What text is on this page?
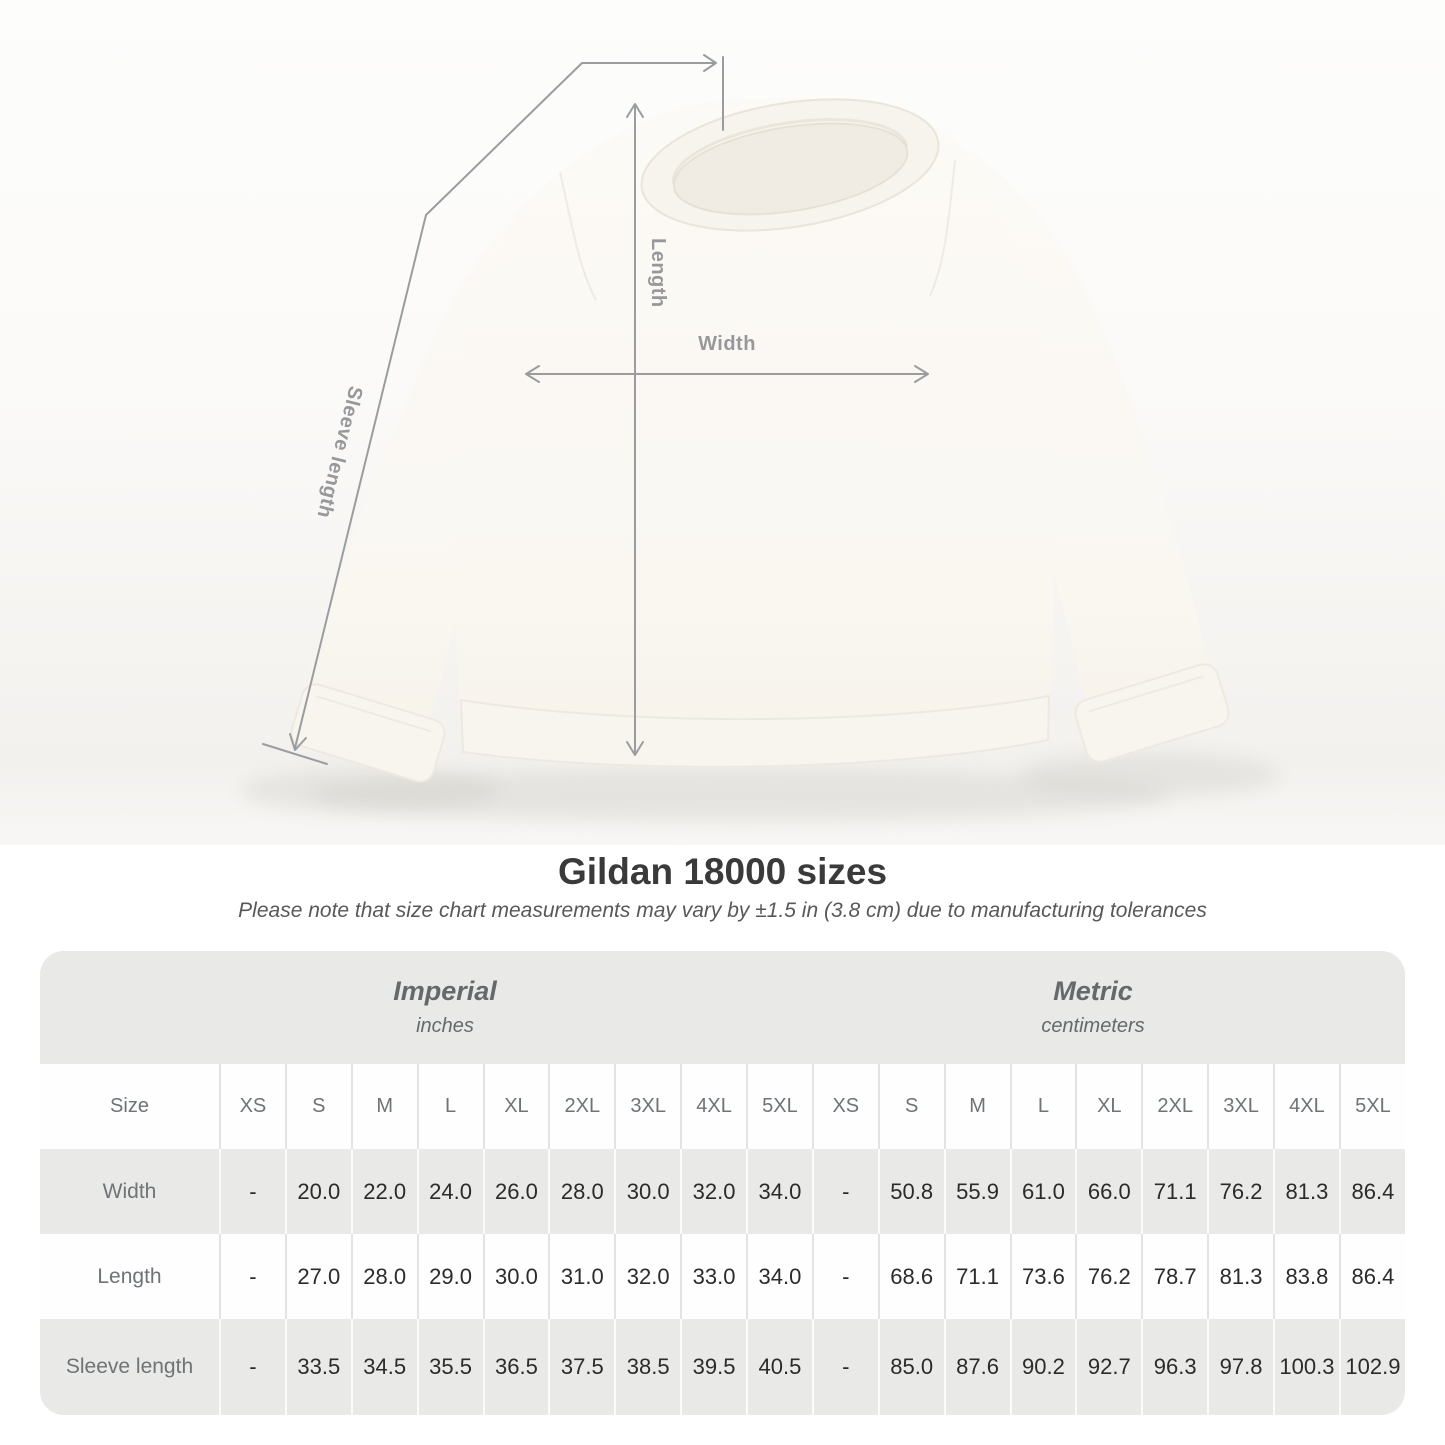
Length
Width
Sleeve length
Gildan 18000 sizes
Please note that size chart measurements may vary by ±1.5 in (3.8 cm) due to manufacturing tolerances
Imperial
inches
Metric
centimeters																		

Size	XS	S	M	L	XL	2XL	3XL	4XL	5XL	XS	S	M	L	XL	2XL	3XL	4XL	5XL
Width	-	20.0	22.0	24.0	26.0	28.0	30.0	32.0	34.0	-	50.8	55.9	61.0	66.0	71.1	76.2	81.3	86.4
Length	-	27.0	28.0	29.0	30.0	31.0	32.0	33.0	34.0	-	68.6	71.1	73.6	76.2	78.7	81.3	83.8	86.4
Sleeve length	-	33.5	34.5	35.5	36.5	37.5	38.5	39.5	40.5	-	85.0	87.6	90.2	92.7	96.3	97.8	100.3	102.9
